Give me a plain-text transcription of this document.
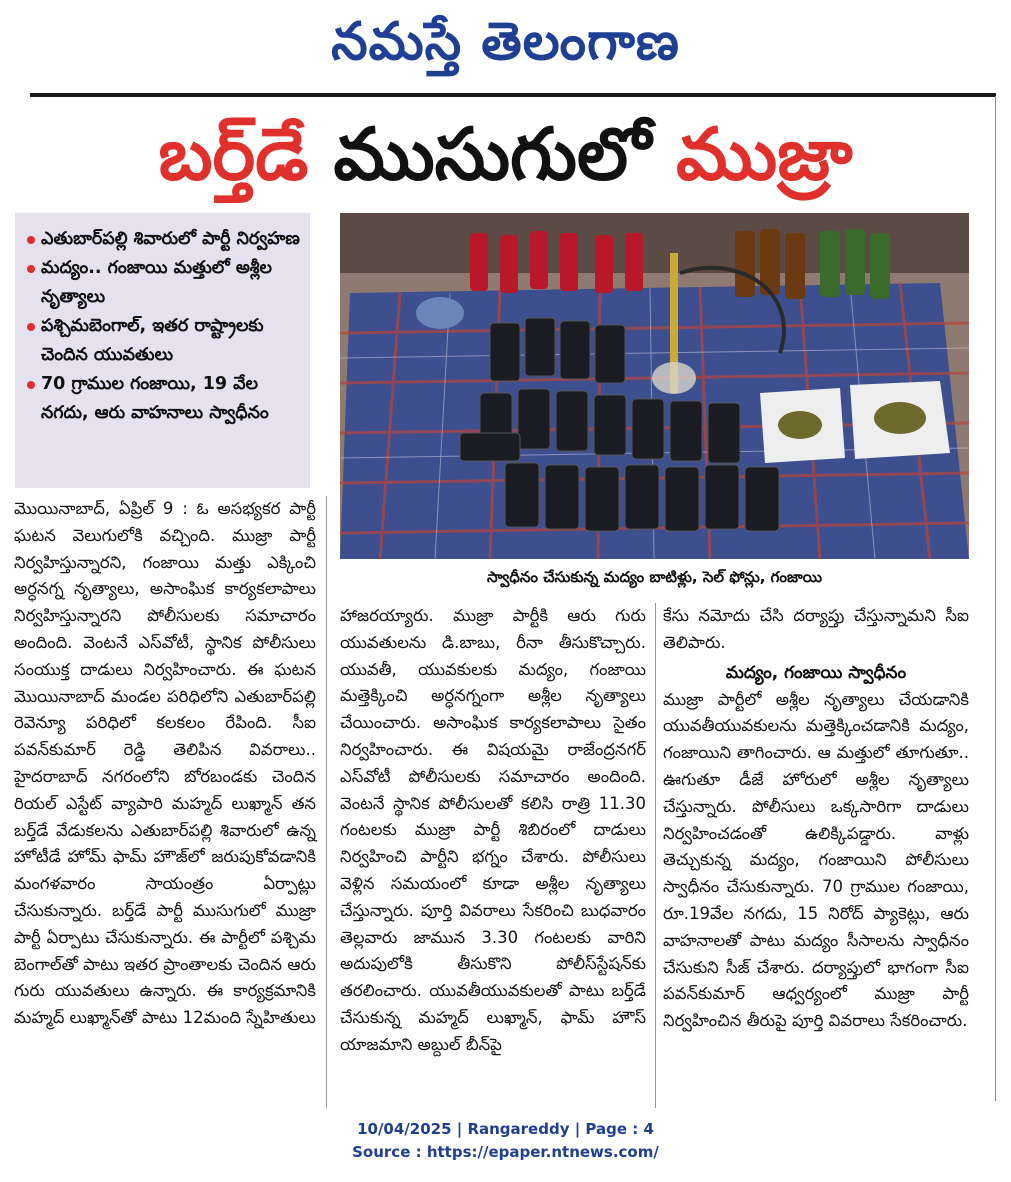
నమస్తే తెలంగాణ
బర్త్‌డే ముసుగులో ముజ్రా
ఎతుబార్‌పల్లి శివారులో పార్టీ నిర్వహణ
మద్యం.. గంజాయి మత్తులో అశ్లీల నృత్యాలు
పశ్చిమబెంగాల్, ఇతర రాష్ట్రాలకు చెందిన యువతులు
70 గ్రాముల గంజాయి, 19 వేల నగదు, ఆరు వాహనాలు స్వాధీనం
స్వాధీనం చేసుకున్న మద్యం బాటిళ్లు, సెల్ ఫోన్లు, గంజాయి

మొయినాబాద్, ఏప్రిల్ 9 : ఓ అసభ్యకర పార్టీ ఘటన వెలుగులోకి వచ్చింది. ముజ్రా పార్టీ నిర్వహిస్తున్నారని, గంజాయి మత్తు ఎక్కించి అర్ధనగ్న నృత్యాలు, అసాంఘిక కార్యకలాపాలు నిర్వహిస్తున్నారని పోలీసులకు సమాచారం అందింది. వెంటనే ఎస్‌వోటీ, స్థానిక పోలీసులు సంయుక్త దాడులు నిర్వహించారు. ఈ ఘటన మొయినాబాద్ మండల పరిధిలోని ఎతుబార్‌పల్లి రెవెన్యూ పరిధిలో కలకలం రేపింది. సీఐ పవన్‌కుమార్ రెడ్డి తెలిపిన వివరాలు.. హైదరాబాద్ నగరంలోని బోరబండకు చెందిన రియల్ ఎస్టేట్ వ్యాపారి మహ్మద్ లుఖ్మాన్ తన బర్త్‌డే వేడుకలను ఎతుబార్‌పల్లి శివారులో ఉన్న హోటీడే హోమ్ ఫామ్ హౌజ్‌లో జరుపుకోవడానికి మంగళవారం సాయంత్రం ఏర్పాట్లు చేసుకున్నారు. బర్త్‌డే పార్టీ ముసుగులో ముజ్రా పార్టీ ఏర్పాటు చేసుకున్నారు. ఈ పార్టీలో పశ్చిమ బెంగాల్‌తో పాటు ఇతర ప్రాంతాలకు చెందిన ఆరు గురు యువతులు ఉన్నారు. ఈ కార్యక్రమానికి మహ్మద్ లుఖ్మాన్‌తో పాటు 12మంది స్నేహితులు

హాజరయ్యారు. ముజ్రా పార్టీకి ఆరు గురు యువతులను డి.బాబు, రీనా తీసుకొచ్చారు. యువతీ, యువకులకు మద్యం, గంజాయి మత్తెక్కించి అర్ధనగ్నంగా అశ్లీల నృత్యాలు చేయించారు. అసాంఘిక కార్యకలాపాలు సైతం నిర్వహించారు. ఈ విషయమై రాజేంద్రనగర్ ఎస్‌వోటీ పోలీసులకు సమాచారం అందింది. వెంటనే స్థానిక పోలీసులతో కలిసి రాత్రి 11.30 గంటలకు ముజ్రా పార్టీ శిబిరంలో దాడులు నిర్వహించి పార్టీని భగ్నం చేశారు. పోలీసులు వెళ్లిన సమయంలో కూడా అశ్లీల నృత్యాలు చేస్తున్నారు. పూర్తి వివరాలు సేకరించి బుధవారం తెల్లవారు జామున 3.30 గంటలకు వారిని అదుపులోకి తీసుకొని పోలీస్‌స్టేషన్‌కు తరలించారు. యువతీయువకులతో పాటు బర్త్‌డే చేసుకున్న మహ్మద్ లుఖ్మాన్, ఫామ్ హౌస్ యాజమాని అబ్దుల్ బీన్‌పై

కేసు నమోదు చేసి దర్యాప్తు చేస్తున్నామని సీఐ తెలిపారు.

మద్యం, గంజాయి స్వాధీనం

ముజ్రా పార్టీలో అశ్లీల నృత్యాలు చేయడానికి యువతీయువకులను మత్తెక్కించడానికి మద్యం, గంజాయిని తాగించారు. ఆ మత్తులో తూగుతూ.. ఊగుతూ డీజే హోరులో అశ్లీల నృత్యాలు చేస్తున్నారు. పోలీసులు ఒక్కసారిగా దాడులు నిర్వహించడంతో ఉలిక్కిపడ్డారు. వాళ్లు తెచ్చుకున్న మద్యం, గంజాయిని పోలీసులు స్వాధీనం చేసుకున్నారు. 70 గ్రాముల గంజాయి, రూ.19వేల నగదు, 15 నిరోద్ ప్యాకెట్లు, ఆరు వాహనాలతో పాటు మద్యం సీసాలను స్వాధీనం చేసుకుని సీజ్ చేశారు. దర్యాప్తులో భాగంగా సీఐ పవన్‌కుమార్ ఆధ్వర్యంలో ముజ్రా పార్టీ నిర్వహించిన తీరుపై పూర్తి వివరాలు సేకరించారు.

10/04/2025 | Rangareddy | Page : 4
Source : https://epaper.ntnews.com/
